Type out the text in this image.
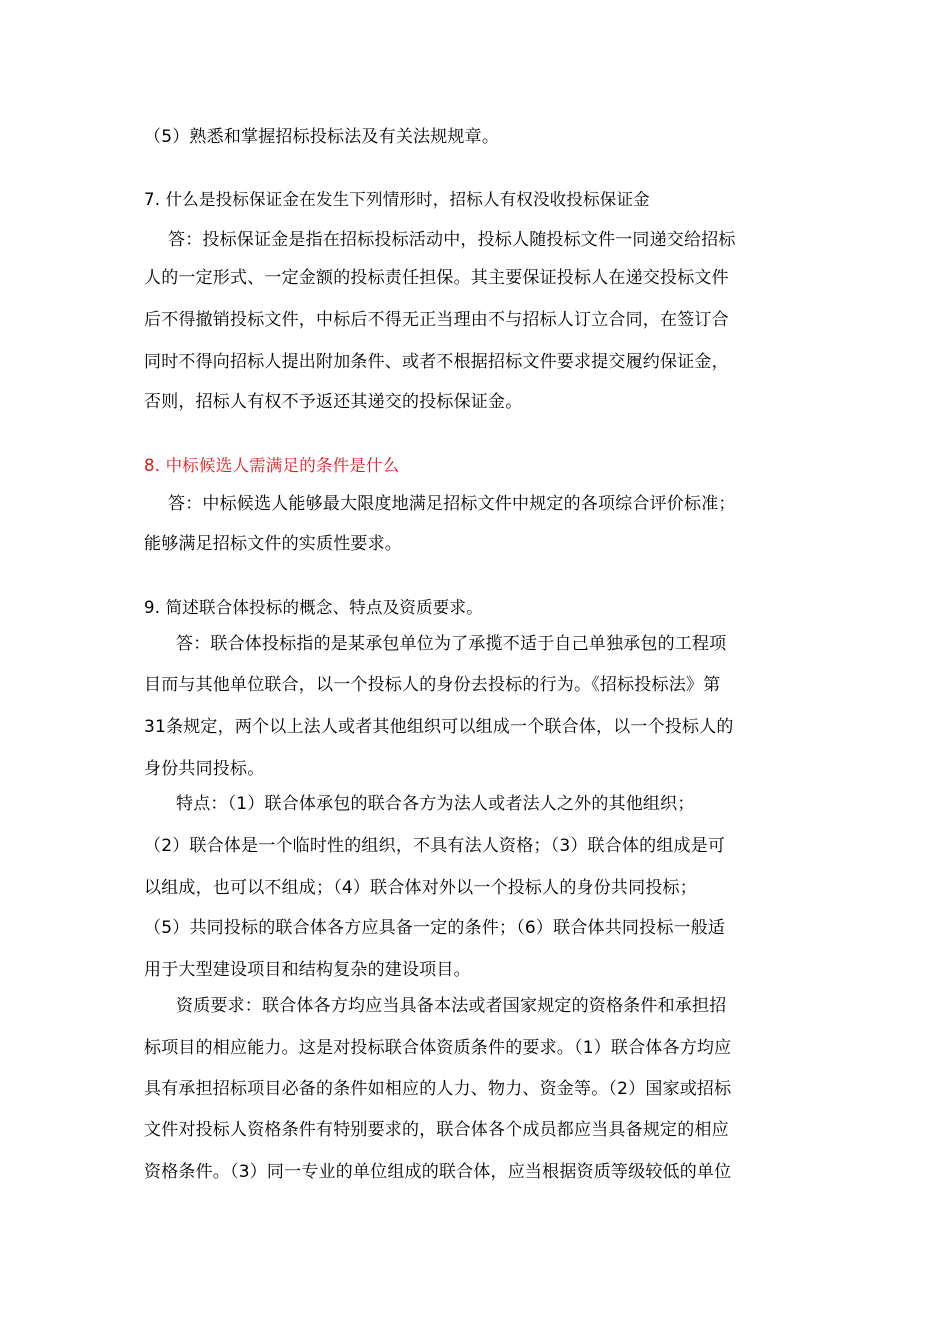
（5）熟悉和掌握招标投标法及有关法规规章。
7. 什么是投标保证金在发生下列情形时，招标人有权没收投标保证金
答：投标保证金是指在招标投标活动中，投标人随投标文件一同递交给招标
人的一定形式、一定金额的投标责任担保。其主要保证投标人在递交投标文件
后不得撤销投标文件，中标后不得无正当理由不与招标人订立合同，在签订合
同时不得向招标人提出附加条件、或者不根据招标文件要求提交履约保证金，
否则，招标人有权不予返还其递交的投标保证金。
8. 中标候选人需满足的条件是什么
答：中标候选人能够最大限度地满足招标文件中规定的各项综合评价标准；
能够满足招标文件的实质性要求。
9. 简述联合体投标的概念、特点及资质要求。
答：联合体投标指的是某承包单位为了承揽不适于自己单独承包的工程项
目而与其他单位联合，以一个投标人的身份去投标的行为。《招标投标法》第
31条规定，两个以上法人或者其他组织可以组成一个联合体，以一个投标人的
身份共同投标。
特点：（1）联合体承包的联合各方为法人或者法人之外的其他组织；
（2）联合体是一个临时性的组织，不具有法人资格；（3）联合体的组成是可
以组成，也可以不组成；（4）联合体对外以一个投标人的身份共同投标；
（5）共同投标的联合体各方应具备一定的条件；（6）联合体共同投标一般适
用于大型建设项目和结构复杂的建设项目。
资质要求：联合体各方均应当具备本法或者国家规定的资格条件和承担招
标项目的相应能力。这是对投标联合体资质条件的要求。（1）联合体各方均应
具有承担招标项目必备的条件如相应的人力、物力、资金等。（2）国家或招标
文件对投标人资格条件有特别要求的，联合体各个成员都应当具备规定的相应
资格条件。（3）同一专业的单位组成的联合体，应当根据资质等级较低的单位
